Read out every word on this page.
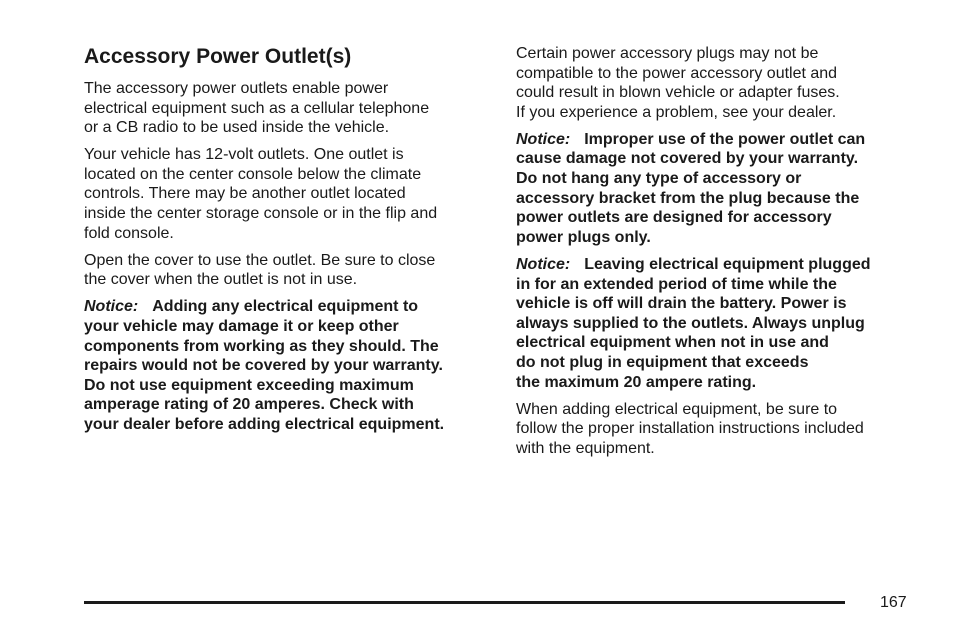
Accessory Power Outlet(s)

The accessory power outlets enable power
electrical equipment such as a cellular telephone
or a CB radio to be used inside the vehicle.

Your vehicle has 12-volt outlets. One outlet is
located on the center console below the climate
controls. There may be another outlet located
inside the center storage console or in the flip and
fold console.

Open the cover to use the outlet. Be sure to close
the cover when the outlet is not in use.

Notice: Adding any electrical equipment to
your vehicle may damage it or keep other
components from working as they should. The
repairs would not be covered by your warranty.
Do not use equipment exceeding maximum
amperage rating of 20 amperes. Check with
your dealer before adding electrical equipment.

Certain power accessory plugs may not be
compatible to the power accessory outlet and
could result in blown vehicle or adapter fuses.
If you experience a problem, see your dealer.

Notice: Improper use of the power outlet can
cause damage not covered by your warranty.
Do not hang any type of accessory or
accessory bracket from the plug because the
power outlets are designed for accessory
power plugs only.

Notice: Leaving electrical equipment plugged
in for an extended period of time while the
vehicle is off will drain the battery. Power is
always supplied to the outlets. Always unplug
electrical equipment when not in use and
do not plug in equipment that exceeds
the maximum 20 ampere rating.

When adding electrical equipment, be sure to
follow the proper installation instructions included
with the equipment.

167
